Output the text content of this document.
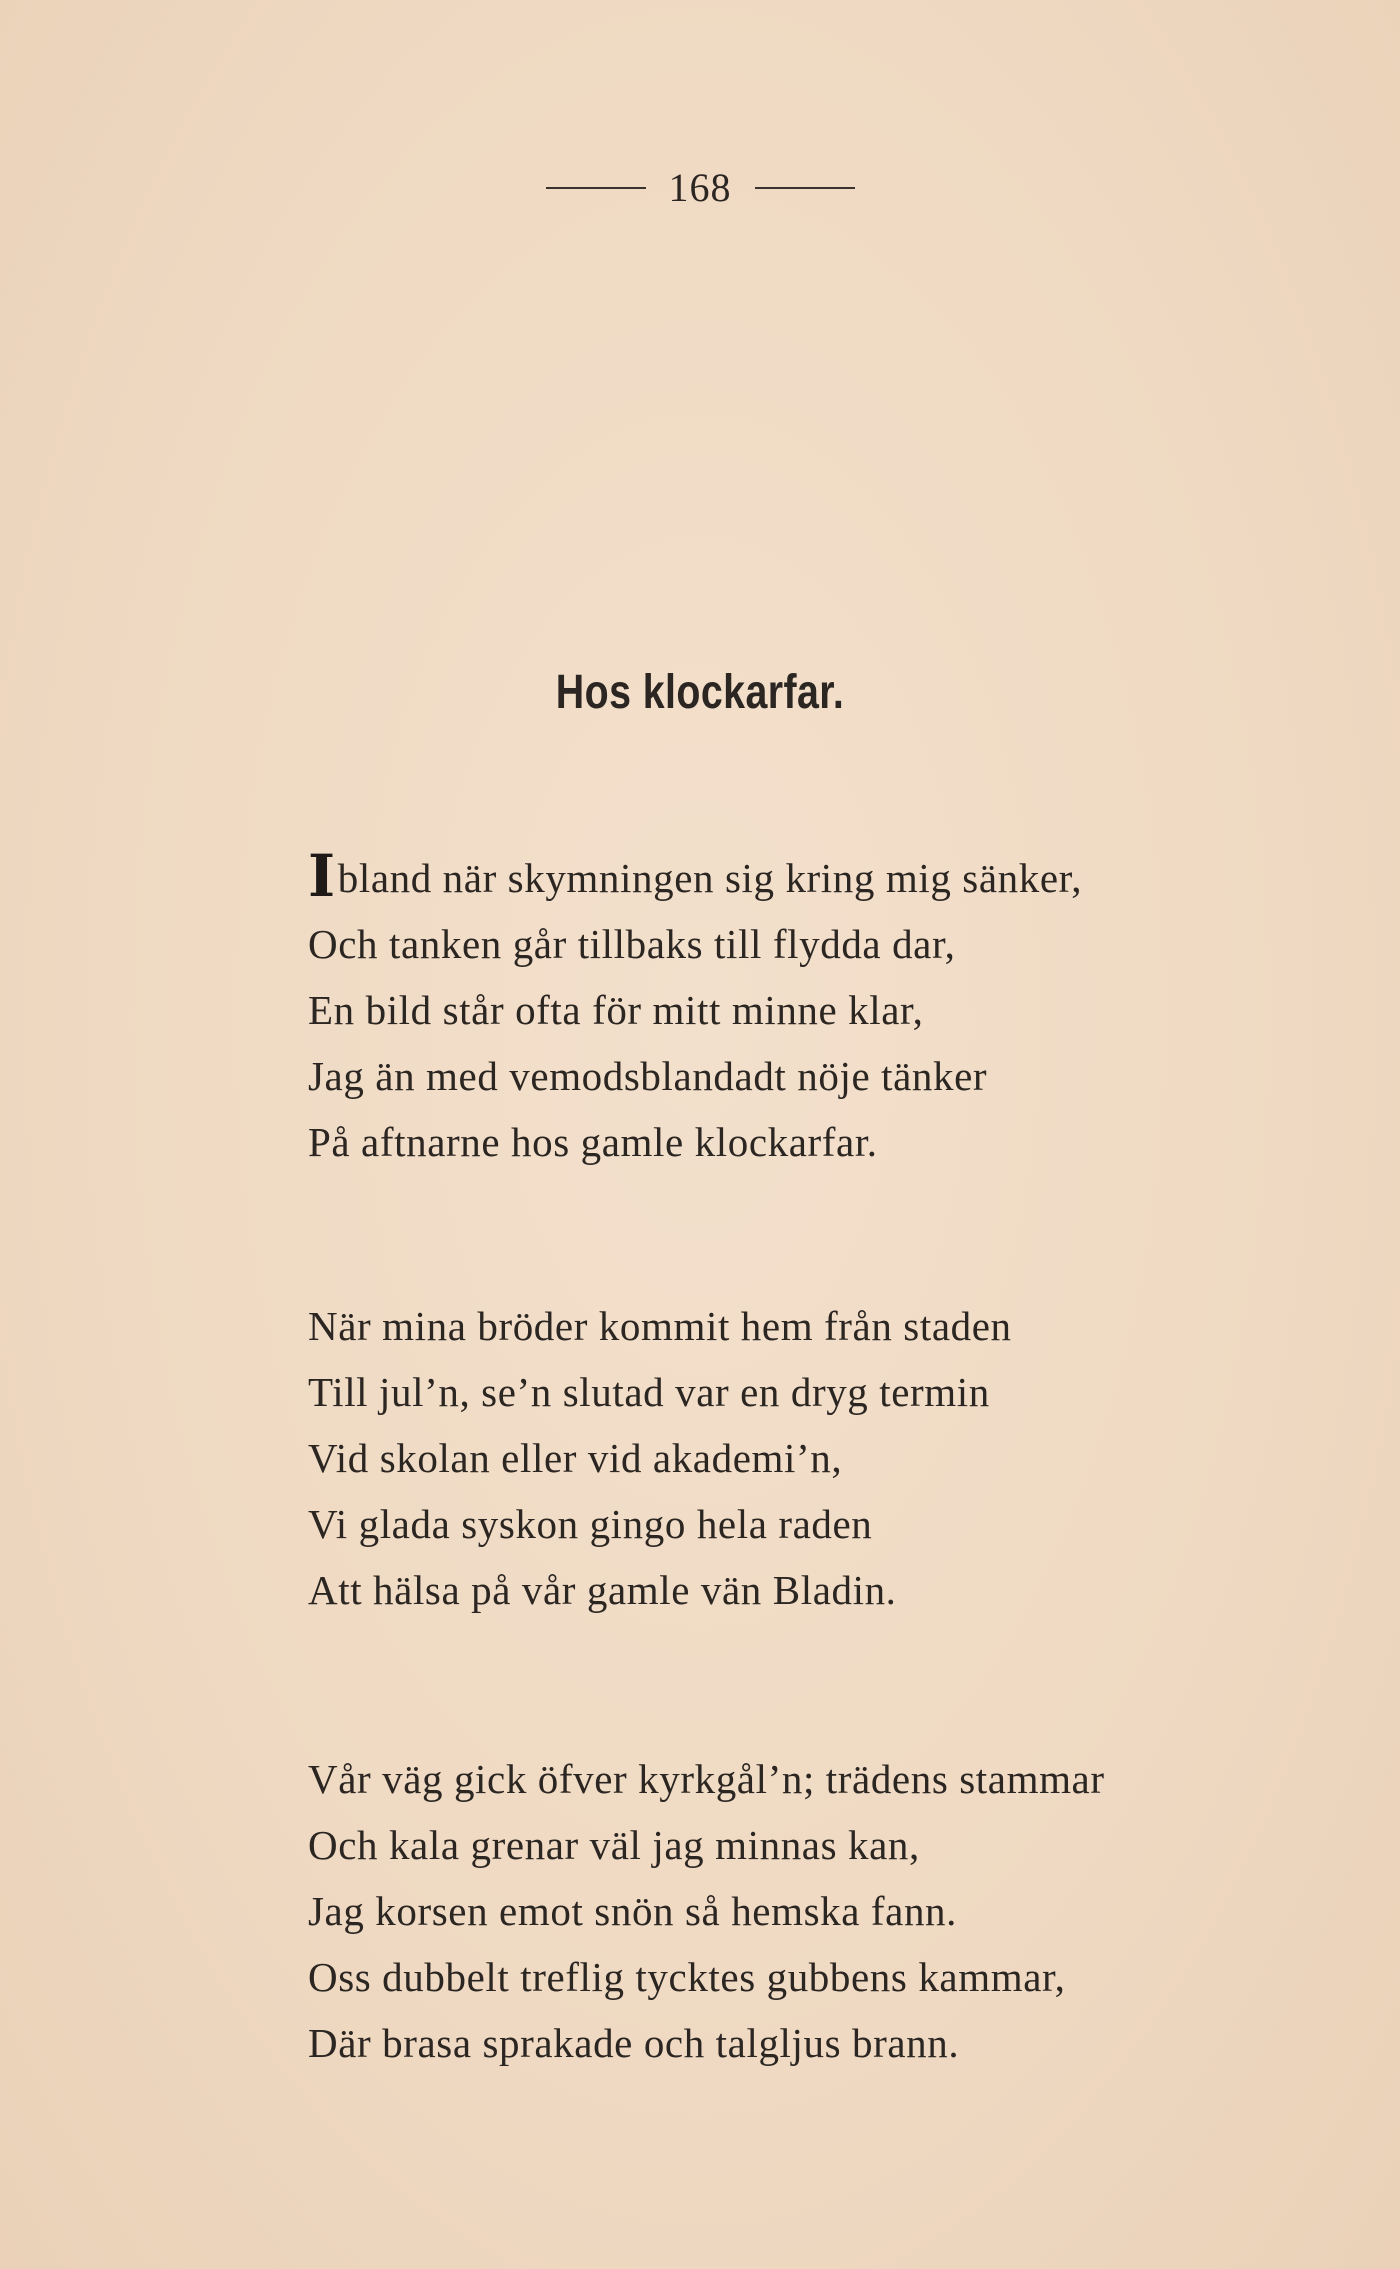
168
Hos klockarfar.
Ibland när skymningen sig kring mig sänker,
Och tanken går tillbaks till flydda dar,
En bild står ofta för mitt minne klar,
Jag än med vemodsblandadt nöje tänker
På aftnarne hos gamle klockarfar.
När mina bröder kommit hem från staden
Till jul’n, se’n slutad var en dryg termin
Vid skolan eller vid akademi’n,
Vi glada syskon gingo hela raden
Att hälsa på vår gamle vän Bladin.
Vår väg gick öfver kyrkgål’n; trädens stammar
Och kala grenar väl jag minnas kan,
Jag korsen emot snön så hemska fann.
Oss dubbelt treflig tycktes gubbens kammar,
Där brasa sprakade och talgljus brann.
